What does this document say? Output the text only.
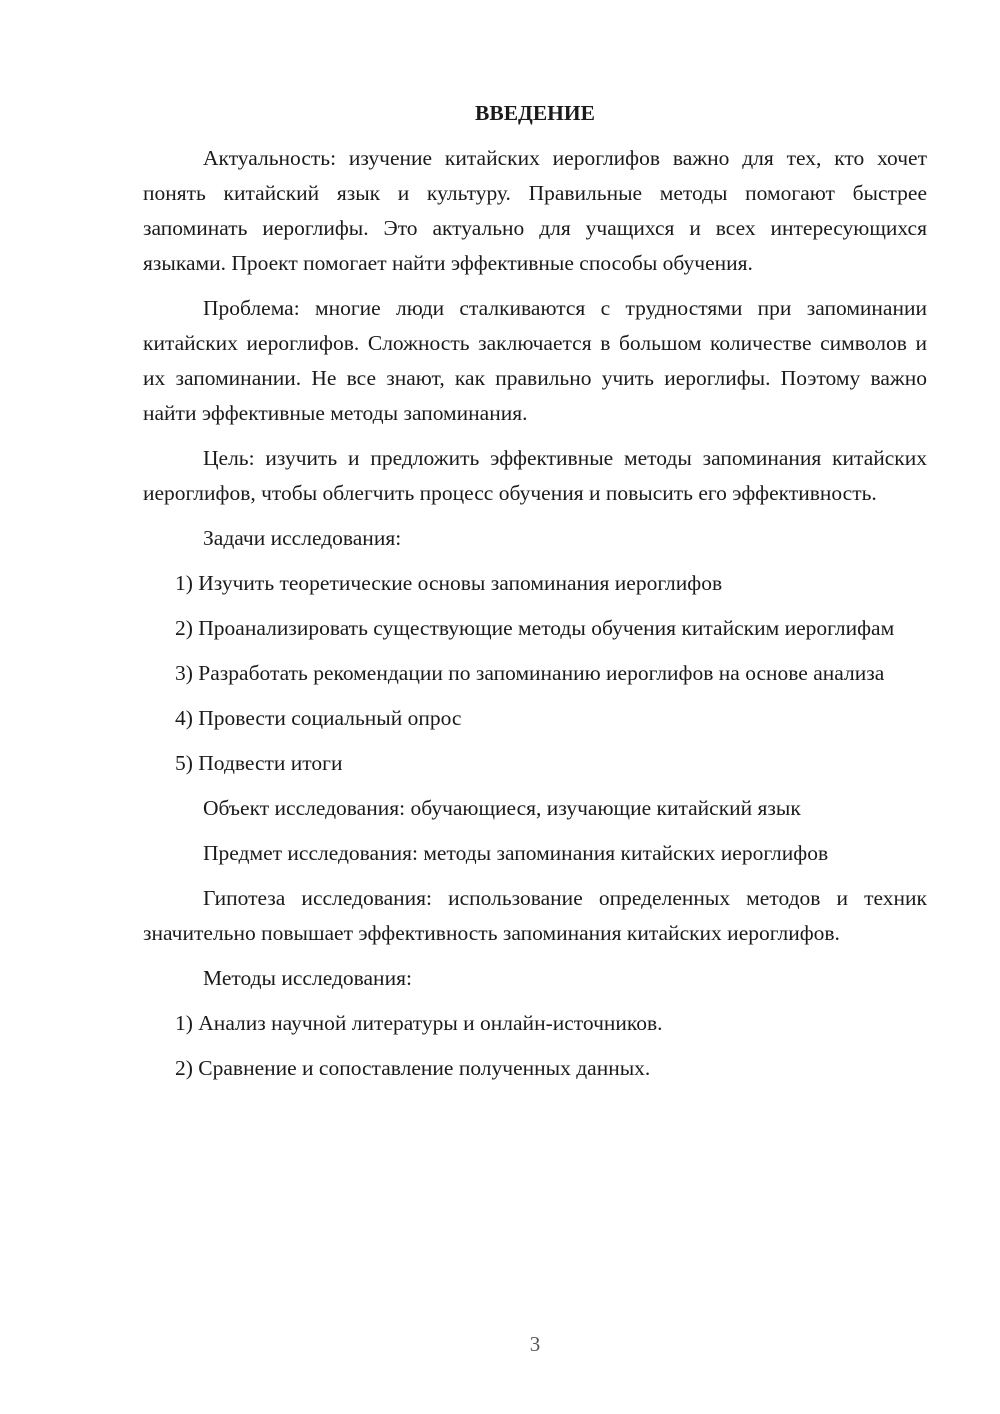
ВВЕДЕНИЕ

Актуальность: изучение китайских иероглифов важно для тех, кто хочет понять китайский язык и культуру. Правильные методы помогают быстрее запоминать иероглифы. Это актуально для учащихся и всех интересующихся языками. Проект помогает найти эффективные способы обучения.

Проблема: многие люди сталкиваются с трудностями при запоминании китайских иероглифов. Сложность заключается в большом количестве символов и их запоминании. Не все знают, как правильно учить иероглифы. Поэтому важно найти эффективные методы запоминания.

Цель: изучить и предложить эффективные методы запоминания китайских иероглифов, чтобы облегчить процесс обучения и повысить его эффективность.

Задачи исследования:

1) Изучить теоретические основы запоминания иероглифов

2) Проанализировать существующие методы обучения китайским иероглифам

3) Разработать рекомендации по запоминанию иероглифов на основе анализа

4) Провести социальный опрос

5) Подвести итоги

Объект исследования: обучающиеся, изучающие китайский язык

Предмет исследования: методы запоминания китайских иероглифов

Гипотеза исследования: использование определенных методов и техник значительно повышает эффективность запоминания китайских иероглифов.

Методы исследования:

1) Анализ научной литературы и онлайн-источников.

2) Сравнение и сопоставление полученных данных.

3
